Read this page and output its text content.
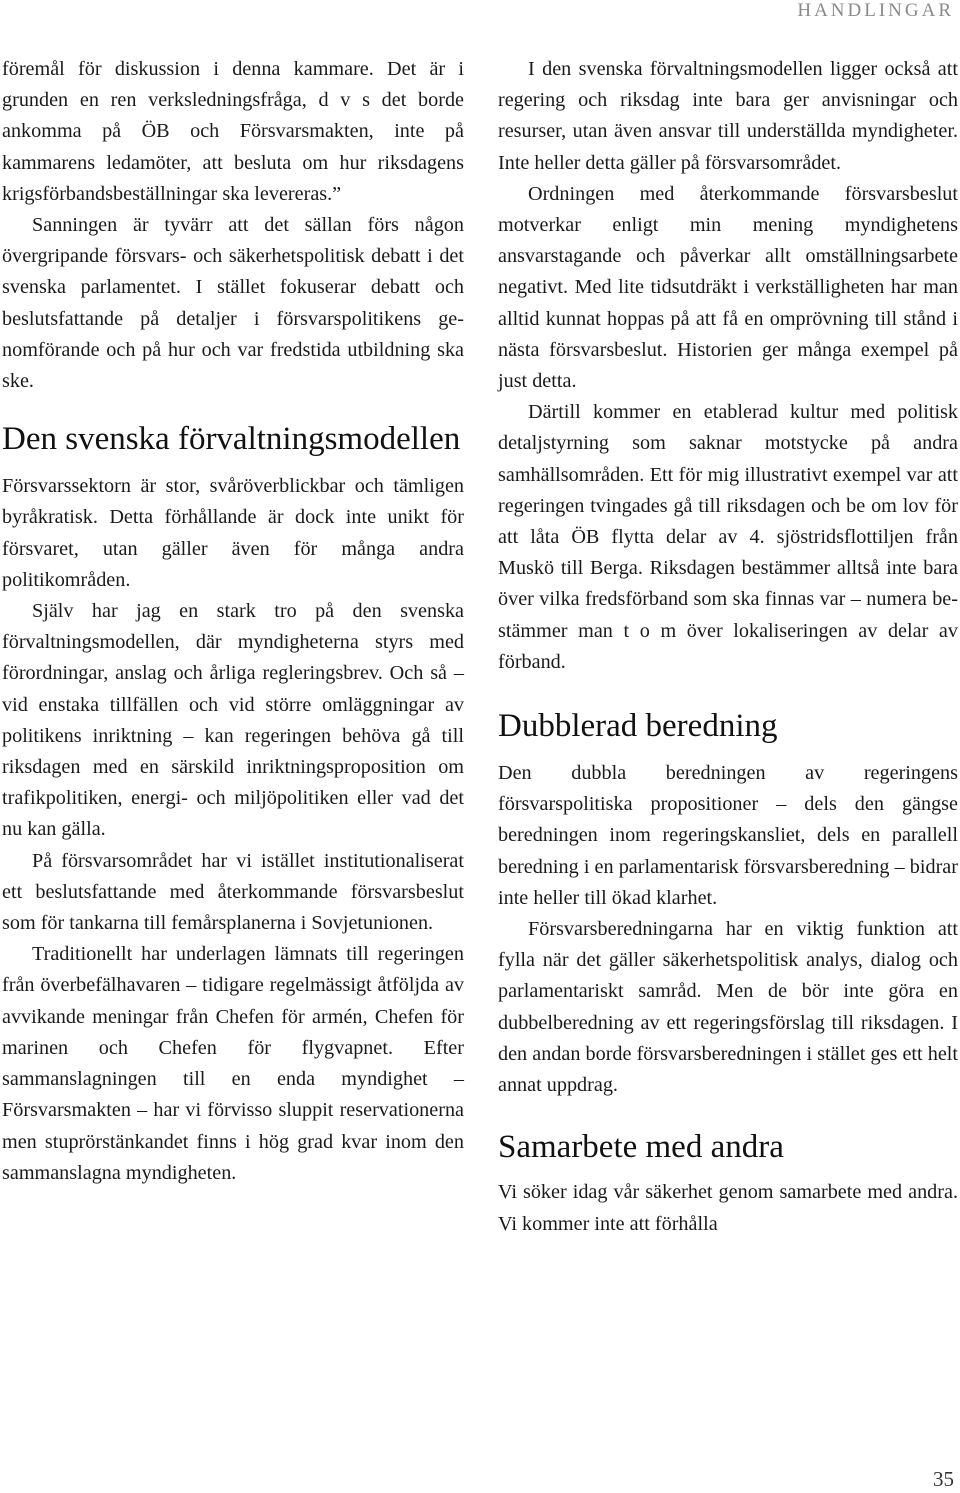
HANDLINGAR

föremål för diskussion i denna kammare. Det är i grunden en ren verksledningsfråga, d v s det borde ankomma på ÖB och Försvarsmakten, inte på kammarens ledamöter, att besluta om hur riksdagens krigsförbandsbeställningar ska levereras.”

Sanningen är tyvärr att det sällan förs någon övergripande försvars- och säkerhetspolitisk debatt i det svenska parlamentet. I stället fokuserar debatt och beslutsfattande på detaljer i försvarspolitikens genomförande och på hur och var fredstida utbildning ska ske.

Den svenska förvaltningsmodellen

Försvarssektorn är stor, svåröverblickbar och tämligen byråkratisk. Detta förhållande är dock inte unikt för försvaret, utan gäller även för många andra politikområden.

Själv har jag en stark tro på den svenska förvaltningsmodellen, där myndigheterna styrs med förordningar, anslag och årliga regleringsbrev. Och så – vid enstaka tillfällen och vid större omläggningar av politikens inriktning – kan regeringen behöva gå till riksdagen med en särskild inriktningsproposition om trafikpolitiken, energi- och miljöpolitiken eller vad det nu kan gälla.

På försvarsområdet har vi istället institutionaliserat ett beslutsfattande med återkommande försvarsbeslut som för tankarna till femårsplanerna i Sovjetunionen.

Traditionellt har underlagen lämnats till regeringen från överbefälhavaren – tidigare regelmässigt åtföljda av avvikande meningar från Chefen för armén, Chefen för marinen och Chefen för flygvapnet. Efter sammanslagningen till en enda myndighet – Försvarsmakten – har vi förvisso sluppit reservationerna men stuprörstänkandet finns i hög grad kvar inom den sammanslagna myndigheten.

I den svenska förvaltningsmodellen ligger också att regering och riksdag inte bara ger anvisningar och resurser, utan även ansvar till underställda myndigheter. Inte heller detta gäller på försvarsområdet.

Ordningen med återkommande försvarsbeslut motverkar enligt min mening myndighetens ansvarstagande och påverkar allt omställningsarbete negativt. Med lite tidsutdräkt i verkställigheten har man alltid kunnat hoppas på att få en omprövning till stånd i nästa försvarsbeslut. Historien ger många exempel på just detta.

Därtill kommer en etablerad kultur med politisk detaljstyrning som saknar motstycke på andra samhällsområden. Ett för mig illustrativt exempel var att regeringen tvingades gå till riksdagen och be om lov för att låta ÖB flytta delar av 4. sjöstridsflottiljen från Muskö till Berga. Riksdagen bestämmer alltså inte bara över vilka fredsförband som ska finnas var – numera bestämmer man t o m över lokaliseringen av delar av förband.

Dubblerad beredning

Den dubbla beredningen av regeringens försvarspolitiska propositioner – dels den gängse beredningen inom regeringskansliet, dels en parallell beredning i en parlamentarisk försvarsberedning – bidrar inte heller till ökad klarhet.

Försvarsberedningarna har en viktig funktion att fylla när det gäller säkerhetspolitisk analys, dialog och parlamentariskt samråd. Men de bör inte göra en dubbelberedning av ett regeringsförslag till riksdagen. I den andan borde försvarsberedningen i stället ges ett helt annat uppdrag.

Samarbete med andra

Vi söker idag vår säkerhet genom samarbete med andra. Vi kommer inte att förhålla

35
